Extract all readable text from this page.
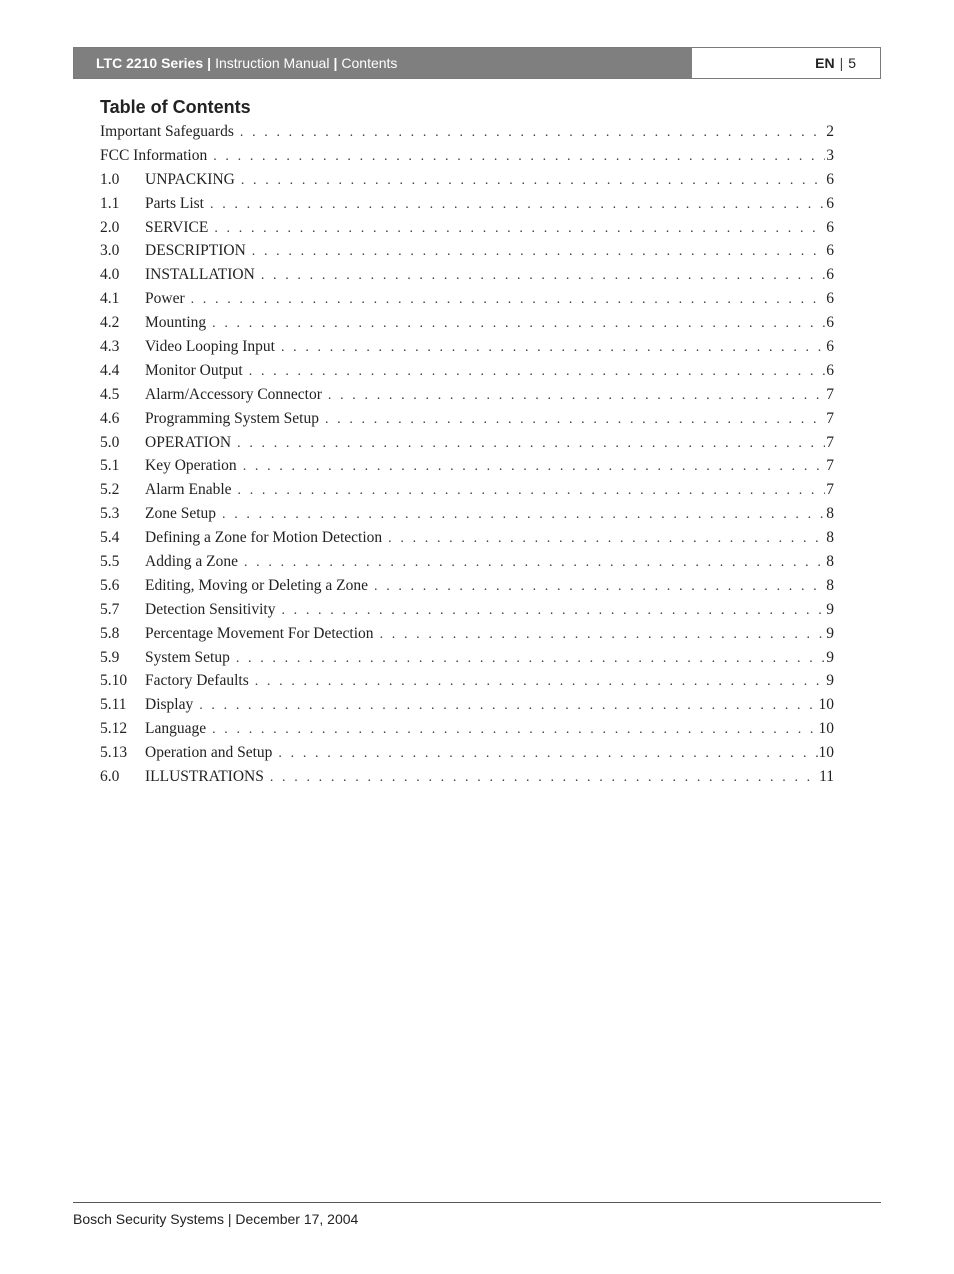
LTC 2210 Series | Instruction Manual | Contents	EN | 5
Table of Contents
Important Safeguards . . .	2
FCC Information . . .	3
1.0	UNPACKING . . .	6
1.1	Parts List . . .	6
2.0	SERVICE . . .	6
3.0	DESCRIPTION . . .	6
4.0	INSTALLATION . . .	6
4.1	Power . . .	6
4.2	Mounting . . .	6
4.3	Video Looping Input . . .	6
4.4	Monitor Output . . .	6
4.5	Alarm/Accessory Connector . . .	7
4.6	Programming System Setup . . .	7
5.0	OPERATION . . .	7
5.1	Key Operation . . .	7
5.2	Alarm Enable . . .	7
5.3	Zone Setup . . .	8
5.4	Defining a Zone for Motion Detection . . .	8
5.5	Adding a Zone . . .	8
5.6	Editing, Moving or Deleting a Zone . . .	8
5.7	Detection Sensitivity . . .	9
5.8	Percentage Movement For Detection . . .	9
5.9	System Setup . . .	9
5.10	Factory Defaults . . .	9
5.11	Display . . .	10
5.12	Language . . .	10
5.13	Operation and Setup . . .	10
6.0	ILLUSTRATIONS . . .	11
Bosch Security Systems | December 17, 2004
